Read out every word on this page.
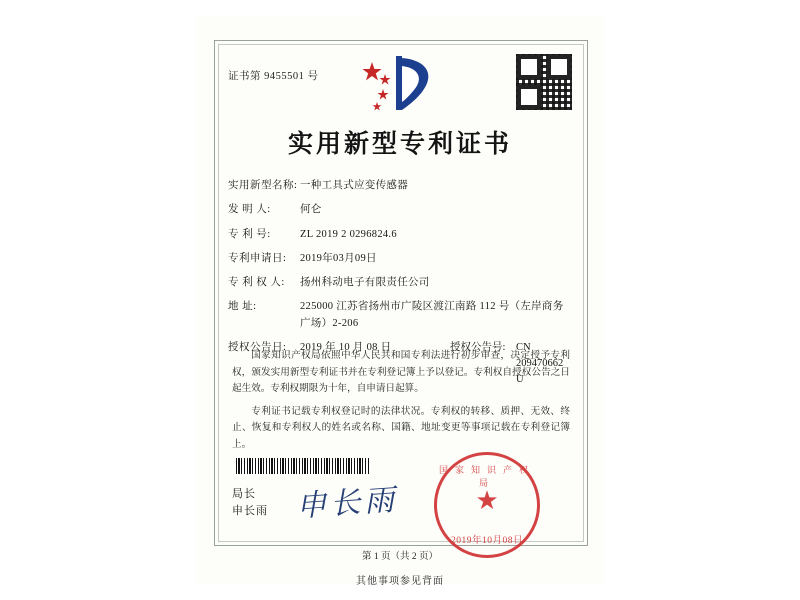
证书第 9455501 号
实用新型专利证书
实用新型名称: 一种工具式应变传感器
发 明 人:	何仑
专 利 号:	ZL 2019 2 0296824.6
专利申请日:	2019年03月09日
专 利 权 人:	扬州科动电子有限责任公司
地 址:	225000 江苏省扬州市广陵区渡江南路 112 号（左岸商务广场）2-206
授权公告日:	2019 年 10 月 08 日	授权公告号:	CN 209470662 U

国家知识产权局依照中华人民共和国专利法进行初步审查，决定授予专利权，颁发实用新型专利证书并在专利登记簿上予以登记。专利权自授权公告之日起生效。专利权期限为十年，自申请日起算。

专利证书记载专利权登记时的法律状况。专利权的转移、质押、无效、终止、恢复和专利权人的姓名或名称、国籍、地址变更等事项记载在专利登记簿上。

局长
申长雨 申长雨
国家知识产权局
★
2019年10月08日
第 1 页（共 2 页）
其他事项参见背面
